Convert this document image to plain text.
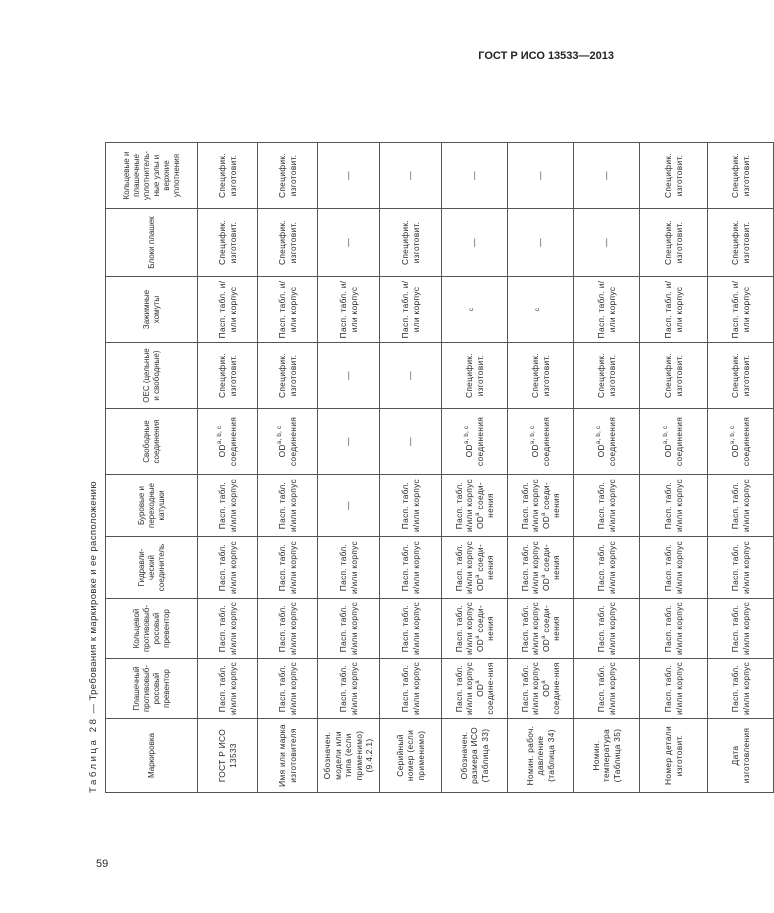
ГОСТ Р ИСО 13533—2013
Таблица 28 — Требования к маркировке и ее расположению
Маркировка	Плашечный противовыб-росовый превентор	Кольцевой противовыб-росовый превентор	Гидравли-ческий соединитель	Буровые и переходные катушки	Свободные соединения	ОЕС (цельные и свободные)	Зажимные хомуты	Блоки плашек	Кольцевые и плашечные уплотнитель-ные узлы и верхние уплотнения
ГОСТ Р ИСО 13533	Пасп. табл. и/или корпус	Пасп. табл. и/или корпус	Пасп. табл. и/или корпус	Пасп. табл. и/или корпус	OD$^{a, b, c}$ соединения	Специфик. изготовит.	Пасп. табл. и/или корпус	Специфик. изготовит.	Специфик. изготовит.
Имя или марка изготовителя	Пасп. табл. и/или корпус	Пасп. табл. и/или корпус	Пасп. табл. и/или корпус	Пасп. табл. и/или корпус	OD$^{a, b, c}$ соединения	Специфик. изготовит.	Пасп. табл. и/или корпус	Специфик. изготовит.	Специфик. изготовит.
Обозначен. модели или типа (если применимо) (9.4.2.1)	Пасп. табл. и/или корпус	Пасп. табл. и/или корпус	Пасп. табл. и/или корпус	—	—	—	Пасп. табл. и/или корпус	—	—
Серийный номер (если применимо)	Пасп. табл. и/или корпус	Пасп. табл. и/или корпус	Пасп. табл. и/или корпус	Пасп. табл. и/или корпус	—	—	Пасп. табл. и/или корпус	Специфик. изготовит.	—
Обозначен. размера ИСО (Таблица 33)	Пасп. табл. и/или корпус $OD^a$ соедине-ния	Пасп. табл. и/или корпус $OD^a$ соеди-нения	Пасп. табл. и/или корпус $OD^a$ соеди-нения	Пасп. табл. и/или корпус $OD^a$ соеди-нения	OD$^{a, b, c}$ соединения	Специфик. изготовит.	$^c$	—	—
Номин. рабоч. давление (таблица 34)	Пасп. табл. и/или корпус $OD^a$ соедине-ния	Пасп. табл. и/или корпус $OD^a$ соеди-нения	Пасп. табл. и/или корпус $OD^a$ соеди-нения	Пасп. табл. и/или корпус $OD^a$ соеди-нения	OD$^{a, b, c}$ соединения	Специфик. изготовит.	$^c$	—	—
Номин. температура (Таблица 35)	Пасп. табл. и/или корпус	Пасп. табл. и/или корпус	Пасп. табл. и/или корпус	Пасп. табл. и/или корпус	OD$^{a, b, c}$ соединения	Специфик. изготовит.	Пасп. табл. и/или корпус	—	—
Номер детали изготовит.	Пасп. табл. и/или корпус	Пасп. табл. и/или корпус	Пасп. табл. и/или корпус	Пасп. табл. и/или корпус	OD$^{a, b, c}$ соединения	Специфик. изготовит.	Пасп. табл. и/или корпус	Специфик. изготовит.	Специфик. изготовит.
Дата изготовления	Пасп. табл. и/или корпус	Пасп. табл. и/или корпус	Пасп. табл. и/или корпус	Пасп. табл. и/или корпус	OD$^{a, b, c}$ соединения	Специфик. изготовит.	Пасп. табл. и/или корпус	Специфик. изготовит.	Специфик. изготовит.
59
